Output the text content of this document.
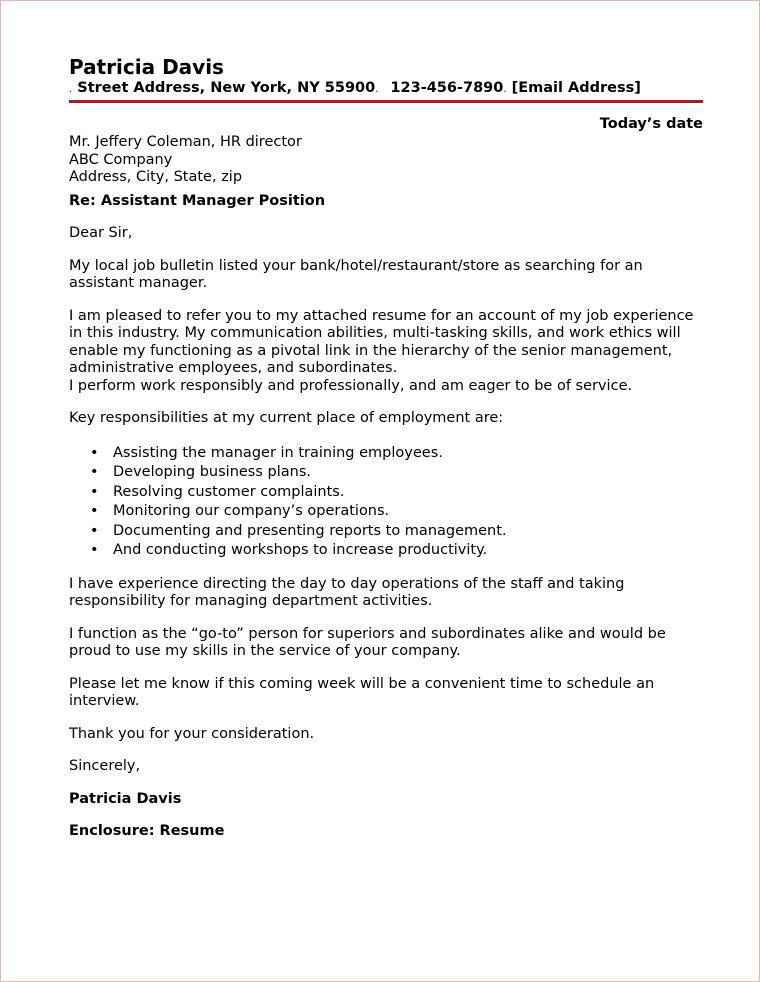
Patricia Davis
. Street Address, New York, NY 55900. 123-456-7890. [Email Address]
Today’s date
Mr. Jeffery Coleman, HR director
ABC Company
Address, City, State, zip
Re: Assistant Manager Position

Dear Sir,

My local job bulletin listed your bank/hotel/restaurant/store as searching for an assistant manager.

I am pleased to refer you to my attached resume for an account of my job experience in this industry. My communication abilities, multi-tasking skills, and work ethics will enable my functioning as a pivotal link in the hierarchy of the senior management, administrative employees, and subordinates.
I perform work responsibly and professionally, and am eager to be of service.

Key responsibilities at my current place of employment are:

• Assisting the manager in training employees.
• Developing business plans.
• Resolving customer complaints.
• Monitoring our company’s operations.
• Documenting and presenting reports to management.
• And conducting workshops to increase productivity.

I have experience directing the day to day operations of the staff and taking responsibility for managing department activities.

I function as the “go-to” person for superiors and subordinates alike and would be proud to use my skills in the service of your company.

Please let me know if this coming week will be a convenient time to schedule an interview.

Thank you for your consideration.

Sincerely,

Patricia Davis

Enclosure: Resume
